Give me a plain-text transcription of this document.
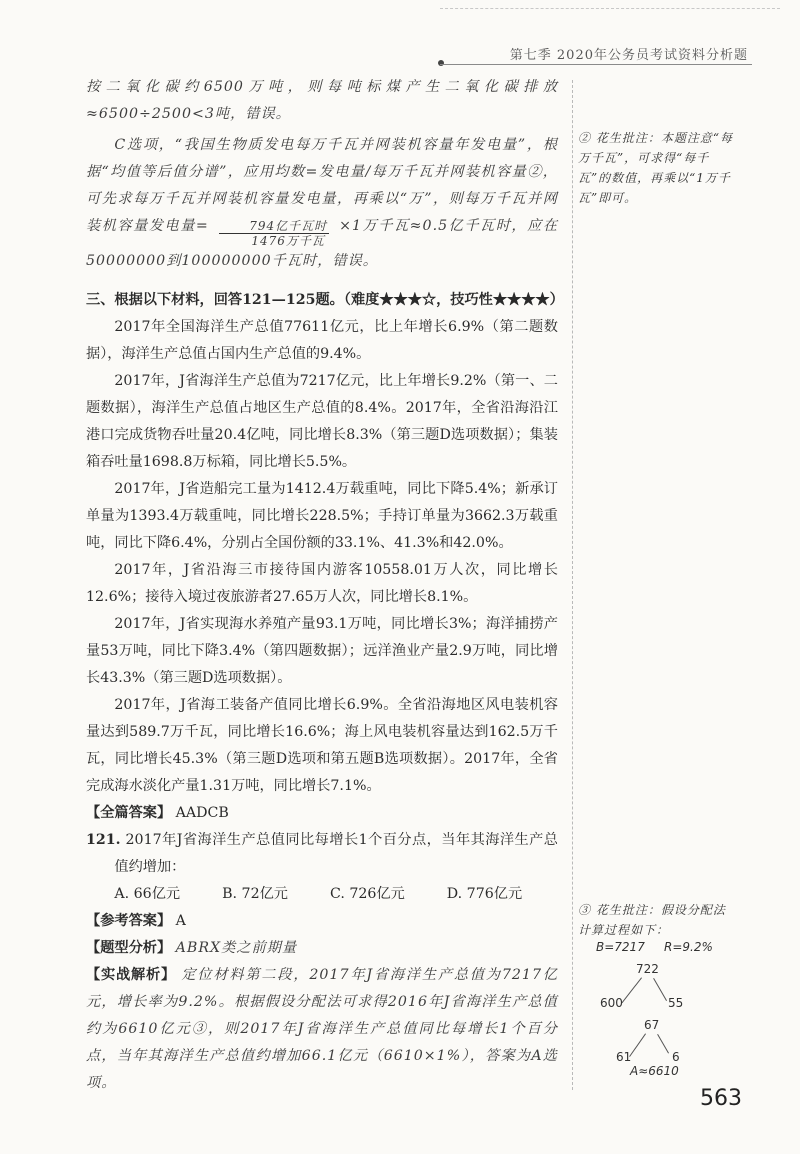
第七季 2020年公务员考试资料分析题

按二氧化碳约6500万吨，则每吨标煤产生二氧化碳排放≈6500÷2500<3吨，错误。

C选项，“我国生物质发电每万千瓦并网装机容量年发电量”，根据“均值等后值分谱”，应用均数=发电量/每万千瓦并网装机容量②，可先求每万千瓦并网装机容量发电量，再乘以“万”，则每万千瓦并网装机容量发电量= $\frac{\text{794亿千瓦时}}{\text{1476万千瓦}} \times 1$万千瓦≈0.5亿千瓦时，应在50000000到100000000千瓦时，错误。

三、根据以下材料，回答121—125题。（难度★★★☆，技巧性★★★★）

2017年全国海洋生产总值77611亿元，比上年增长6.9%（第二题数据），海洋生产总值占国内生产总值的9.4%。

2017年，J省海洋生产总值为7217亿元，比上年增长9.2%（第一、二题数据），海洋生产总值占地区生产总值的8.4%。2017年，全省沿海沿江港口完成货物吞吐量20.4亿吨，同比增长8.3%（第三题D选项数据）；集装箱吞吐量1698.8万标箱，同比增长5.5%。

2017年，J省造船完工量为1412.4万载重吨，同比下降5.4%；新承订单量为1393.4万载重吨，同比增长228.5%；手持订单量为3662.3万载重吨，同比下降6.4%，分别占全国份额的33.1%、41.3%和42.0%。

2017年，J省沿海三市接待国内游客10558.01万人次，同比增长12.6%；接待入境过夜旅游者27.65万人次，同比增长8.1%。

2017年，J省实现海水养殖产量93.1万吨，同比增长3%；海洋捕捞产量53万吨，同比下降3.4%（第四题数据）；远洋渔业产量2.9万吨，同比增长43.3%（第三题D选项数据）。

2017年，J省海工装备产值同比增长6.9%。全省沿海地区风电装机容量达到589.7万千瓦，同比增长16.6%；海上风电装机容量达到162.5万千瓦，同比增长45.3%（第三题D选项和第五题B选项数据）。2017年，全省完成海水淡化产量1.31万吨，同比增长7.1%。

【全篇答案】 AADCB

121. 2017年J省海洋生产总值同比每增长1个百分点，当年其海洋生产总值约增加：

A. 66亿元	B. 72亿元	C. 726亿元	D. 776亿元

【参考答案】 A

【题型分析】 ABRX类之前期量

【实战解析】 定位材料第二段，2017年J省海洋生产总值为7217亿元，增长率为9.2%。根据假设分配法可求得2016年J省海洋生产总值约为6610亿元③，则2017年J省海洋生产总值同比每增长1个百分点，当年其海洋生产总值约增加66.1亿元（6610×1%），答案为A选项。

② 花生批注：本题注意“每万千瓦”，可求得“每千瓦”的数值，再乘以“1万千瓦”即可。
③ 花生批注：假设分配法计算过程如下：
B=7217 R=9.2%
722
600	55
67
61	6
A≈6610
563
